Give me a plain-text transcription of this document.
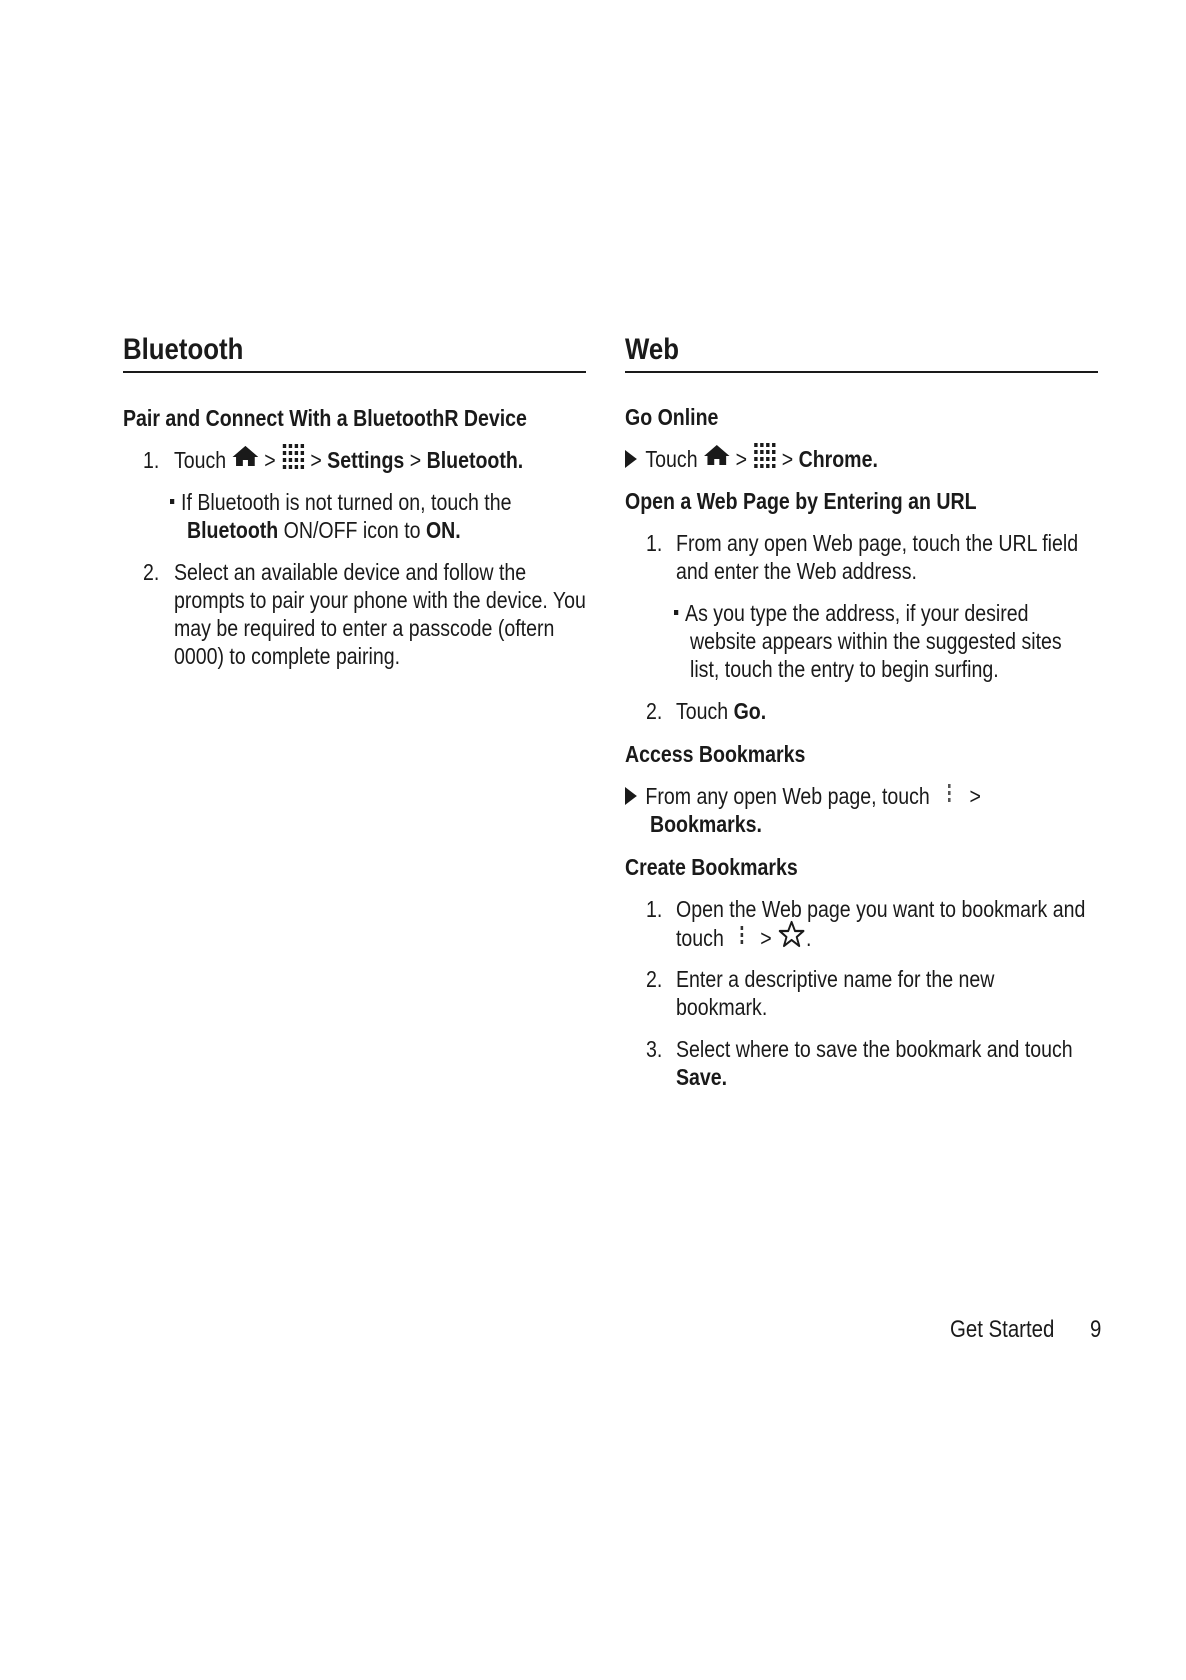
Bluetooth
Pair and Connect With a BluetoothR Device
1. Touch > > Settings > Bluetooth.
If Bluetooth is not turned on, touch the
Bluetooth ON/OFF icon to ON.
2. Select an available device and follow the
prompts to pair your phone with the device. You
may be required to enter a passcode (oftern
0000) to complete pairing.
Web
Go Online
Touch > > Chrome.
Open a Web Page by Entering an URL
1. From any open Web page, touch the URL field
and enter the Web address.
As you type the address, if your desired
website appears within the suggested sites
list, touch the entry to begin surfing.
2. Touch Go.
Access Bookmarks
From any open Web page, touch >
Bookmarks.
Create Bookmarks
1. Open the Web page you want to bookmark and
touch > .
2. Enter a descriptive name for the new
bookmark.
3. Select where to save the bookmark and touch
Save.
Get Started 9
